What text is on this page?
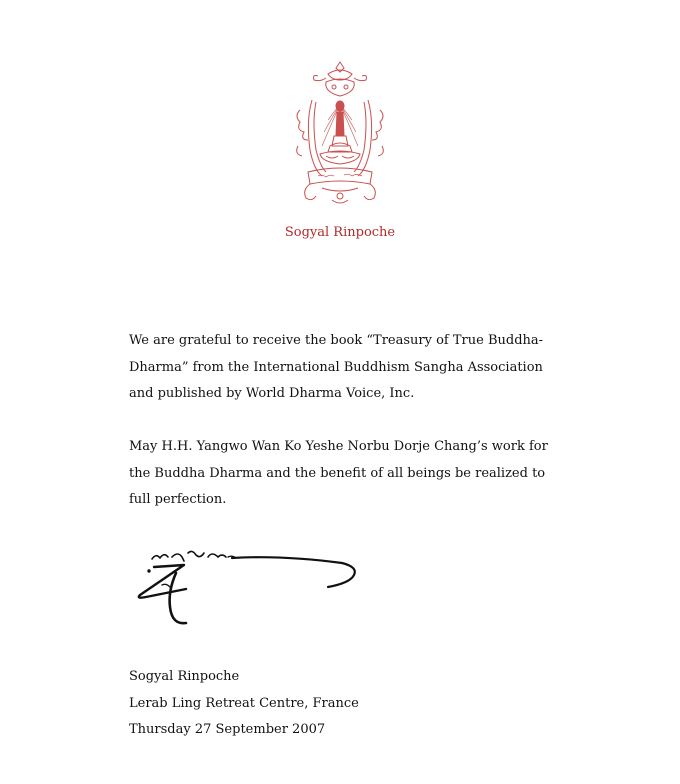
Sogyal Rinpoche

We are grateful to receive the book “Treasury of True Buddha-Dharma” from the International Buddhism Sangha Association and published by World Dharma Voice, Inc.

May H.H. Yangwo Wan Ko Yeshe Norbu Dorje Chang’s work for the Buddha Dharma and the benefit of all beings be realized to full perfection.

Sogyal Rinpoche
Lerab Ling Retreat Centre, France
Thursday 27 September 2007
